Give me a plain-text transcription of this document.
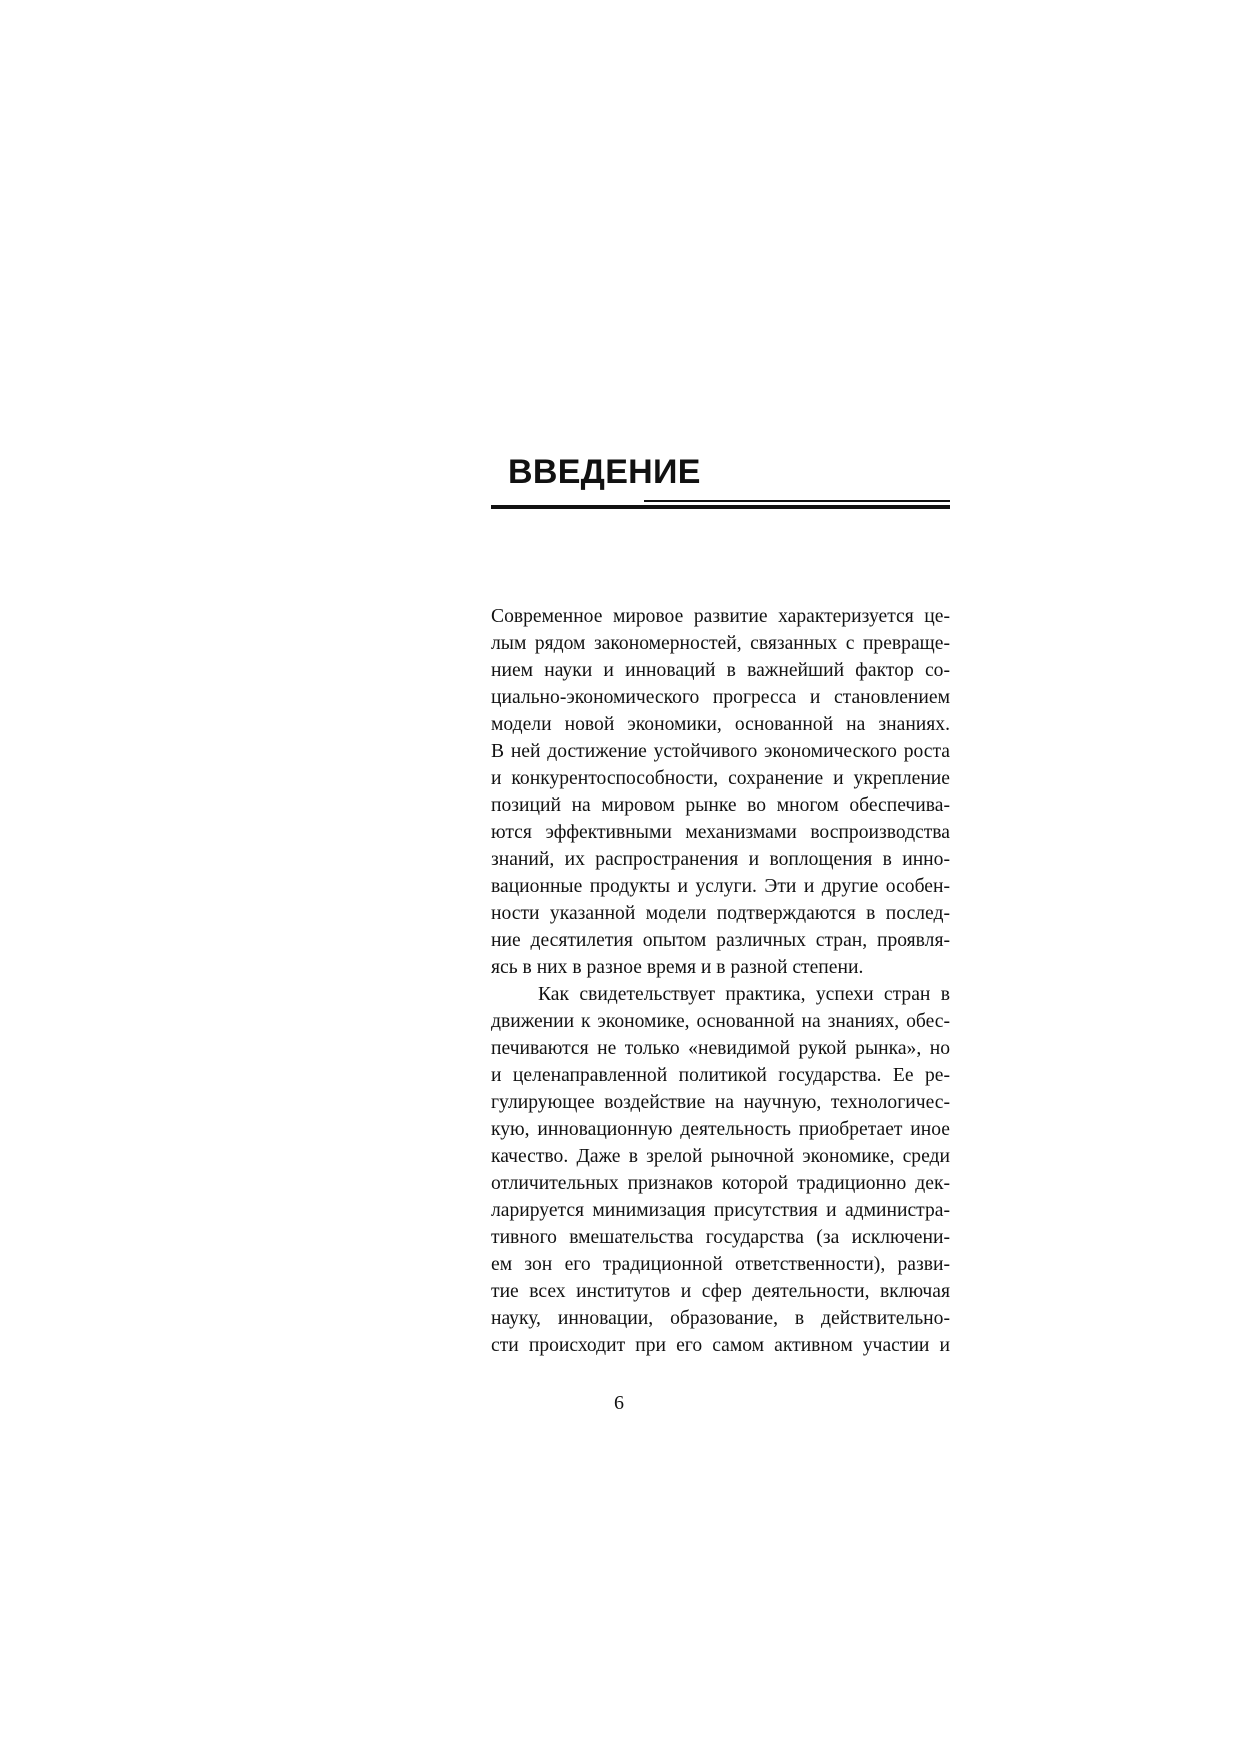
ВВЕДЕНИЕ
Современное мировое развитие характеризуется це-
лым рядом закономерностей, связанных с превраще-
нием науки и инноваций в важнейший фактор со-
циально-экономического прогресса и становлением
модели новой экономики, основанной на знаниях.
В ней достижение устойчивого экономического роста
и конкурентоспособности, сохранение и укрепление
позиций на мировом рынке во многом обеспечива-
ются эффективными механизмами воспроизводства
знаний, их распространения и воплощения в инно-
вационные продукты и услуги. Эти и другие особен-
ности указанной модели подтверждаются в послед-
ние десятилетия опытом различных стран, проявля-
ясь в них в разное время и в разной степени.
Как свидетельствует практика, успехи стран в
движении к экономике, основанной на знаниях, обес-
печиваются не только «невидимой рукой рынка», но
и целенаправленной политикой государства. Ее ре-
гулирующее воздействие на научную, технологичес-
кую, инновационную деятельность приобретает иное
качество. Даже в зрелой рыночной экономике, среди
отличительных признаков которой традиционно дек-
ларируется минимизация присутствия и администра-
тивного вмешательства государства (за исключени-
ем зон его традиционной ответственности), разви-
тие всех институтов и сфер деятельности, включая
науку, инновации, образование, в действительно-
сти происходит при его самом активном участии и
6
